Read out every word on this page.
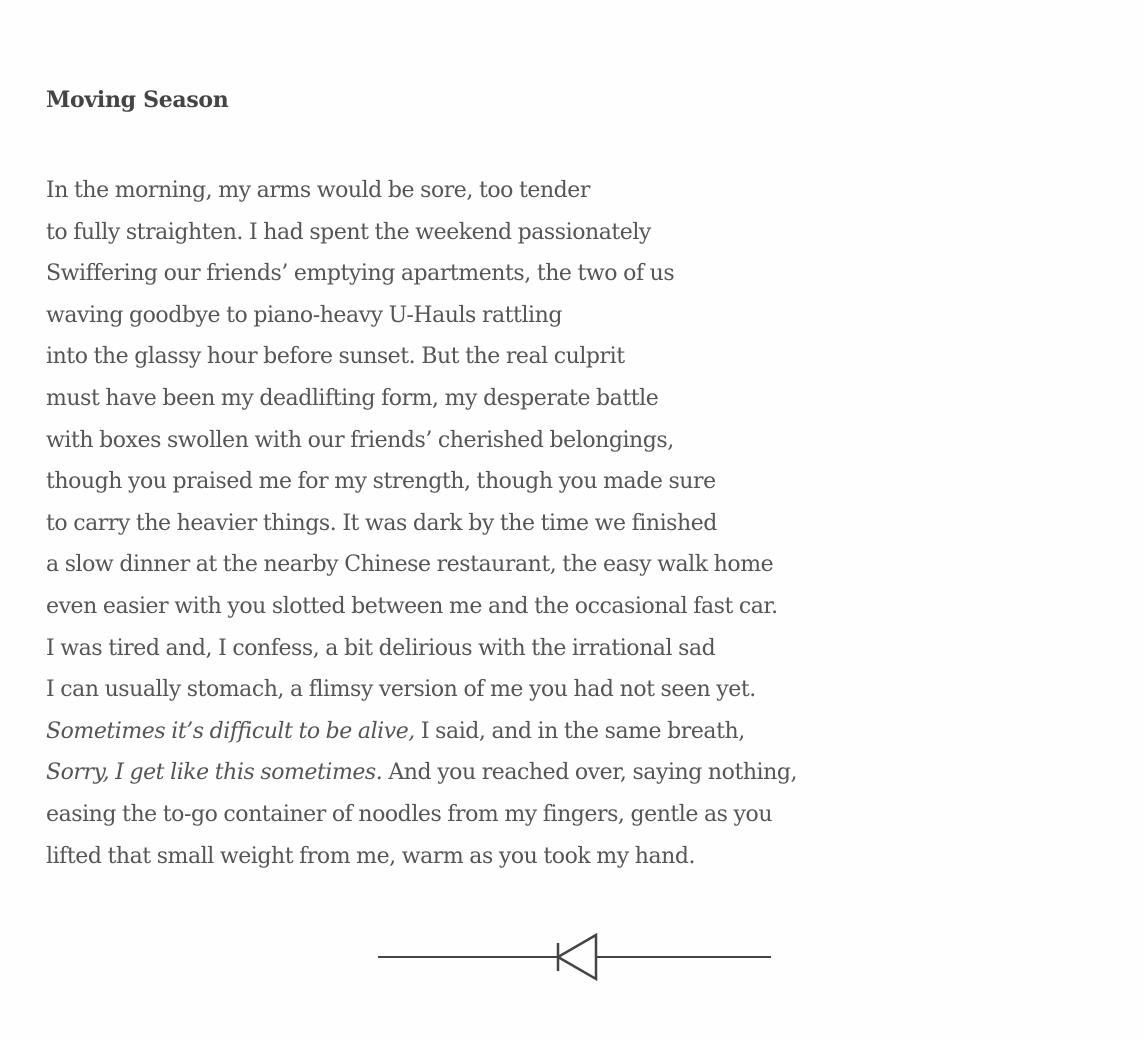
Moving Season
In the morning, my arms would be sore, too tender
to fully straighten. I had spent the weekend passionately
Swiffering our friends’ emptying apartments, the two of us
waving goodbye to piano-heavy U-Hauls rattling
into the glassy hour before sunset. But the real culprit
must have been my deadlifting form, my desperate battle
with boxes swollen with our friends’ cherished belongings,
though you praised me for my strength, though you made sure
to carry the heavier things. It was dark by the time we finished
a slow dinner at the nearby Chinese restaurant, the easy walk home
even easier with you slotted between me and the occasional fast car.
I was tired and, I confess, a bit delirious with the irrational sad
I can usually stomach, a flimsy version of me you had not seen yet.
Sometimes it’s difficult to be alive, I said, and in the same breath,
Sorry, I get like this sometimes. And you reached over, saying nothing,
easing the to-go container of noodles from my fingers, gentle as you
lifted that small weight from me, warm as you took my hand.
